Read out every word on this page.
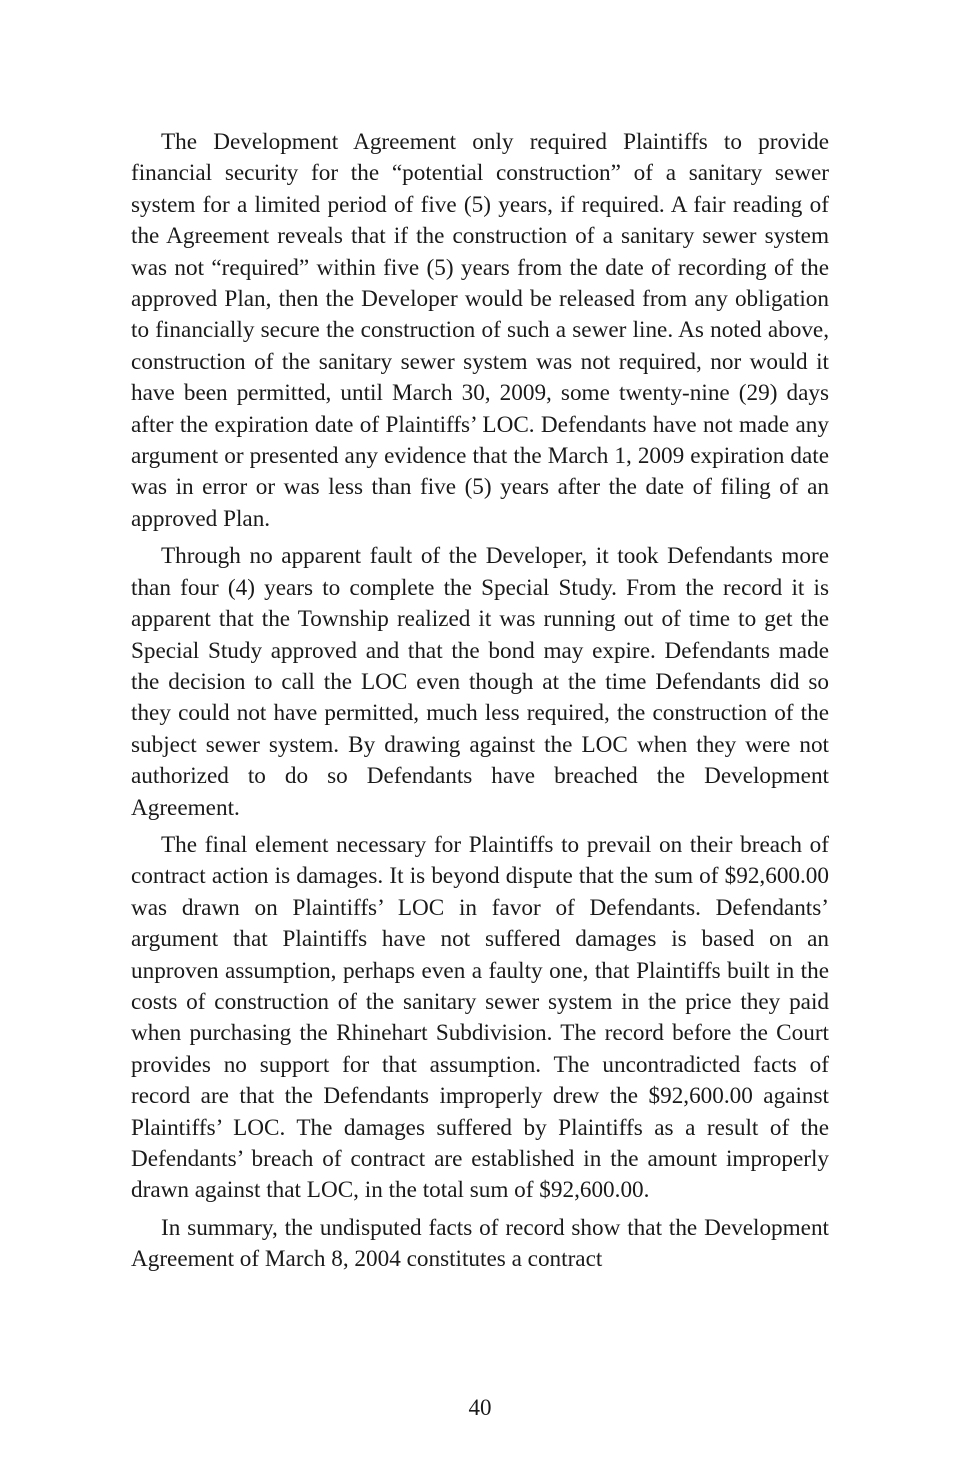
The Development Agreement only required Plaintiffs to provide financial security for the “potential construction” of a sanitary sewer system for a limited period of five (5) years, if required. A fair reading of the Agreement reveals that if the construction of a sanitary sewer system was not “required” within five (5) years from the date of recording of the approved Plan, then the Developer would be released from any obligation to financially secure the construction of such a sewer line. As noted above, construction of the sanitary sewer system was not required, nor would it have been permitted, until March 30, 2009, some twenty-nine (29) days after the expiration date of Plaintiffs’ LOC. Defendants have not made any argument or presented any evidence that the March 1, 2009 expiration date was in error or was less than five (5) years after the date of filing of an approved Plan.

Through no apparent fault of the Developer, it took Defendants more than four (4) years to complete the Special Study. From the record it is apparent that the Township realized it was running out of time to get the Special Study approved and that the bond may expire. Defendants made the decision to call the LOC even though at the time Defendants did so they could not have permitted, much less required, the construction of the subject sewer system. By drawing against the LOC when they were not authorized to do so Defendants have breached the Development Agreement.

The final element necessary for Plaintiffs to prevail on their breach of contract action is damages. It is beyond dispute that the sum of $92,600.00 was drawn on Plaintiffs’ LOC in favor of Defendants. Defendants’ argument that Plaintiffs have not suffered damages is based on an unproven assumption, perhaps even a faulty one, that Plaintiffs built in the costs of construction of the sanitary sewer system in the price they paid when purchasing the Rhinehart Subdivision. The record before the Court provides no support for that assumption. The uncontradicted facts of record are that the Defendants improperly drew the $92,600.00 against Plaintiffs’ LOC. The damages suffered by Plaintiffs as a result of the Defendants’ breach of contract are established in the amount improperly drawn against that LOC, in the total sum of $92,600.00.

In summary, the undisputed facts of record show that the Development Agreement of March 8, 2004 constitutes a contract

40
